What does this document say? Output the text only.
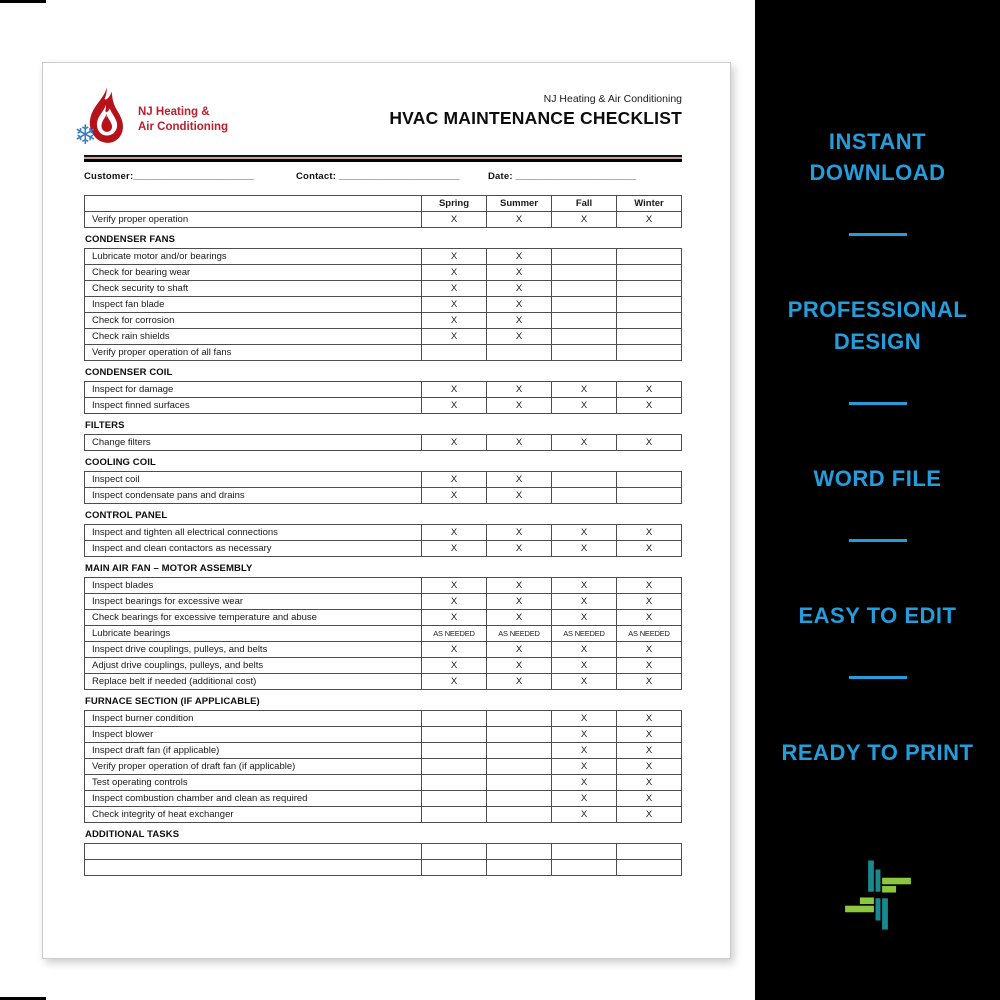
❄
NJ Heating &
Air Conditioning
NJ Heating & Air Conditioning
HVAC MAINTENANCE CHECKLIST
Customer:______________________	Contact: ______________________	Date: ______________________
	Spring	Summer	Fall	Winter
Verify proper operation	X	X	X	X
CONDENSER FANS
Lubricate motor and/or bearings	X	X		
Check for bearing wear	X	X		
Check security to shaft	X	X		
Inspect fan blade	X	X		
Check for corrosion	X	X		
Check rain shields	X	X		
Verify proper operation of all fans				
CONDENSER COIL
Inspect for damage	X	X	X	X
Inspect finned surfaces	X	X	X	X
FILTERS
Change filters	X	X	X	X
COOLING COIL
Inspect coil	X	X		
Inspect condensate pans and drains	X	X		
CONTROL PANEL
Inspect and tighten all electrical connections	X	X	X	X
Inspect and clean contactors as necessary	X	X	X	X
MAIN AIR FAN – MOTOR ASSEMBLY
Inspect blades	X	X	X	X
Inspect bearings for excessive wear	X	X	X	X
Check bearings for excessive temperature and abuse	X	X	X	X
Lubricate bearings	AS NEEDED	AS NEEDED	AS NEEDED	AS NEEDED
Inspect drive couplings, pulleys, and belts	X	X	X	X
Adjust drive couplings, pulleys, and belts	X	X	X	X
Replace belt if needed (additional cost)	X	X	X	X
FURNACE SECTION (IF APPLICABLE)
Inspect burner condition			X	X
Inspect blower			X	X
Inspect draft fan (if applicable)			X	X
Verify proper operation of draft fan (if applicable)			X	X
Test operating controls			X	X
Inspect combustion chamber and clean as required			X	X
Check integrity of heat exchanger			X	X
ADDITIONAL TASKS

INSTANT DOWNLOAD
PROFESSIONAL DESIGN
WORD FILE
EASY TO EDIT
READY TO PRINT
